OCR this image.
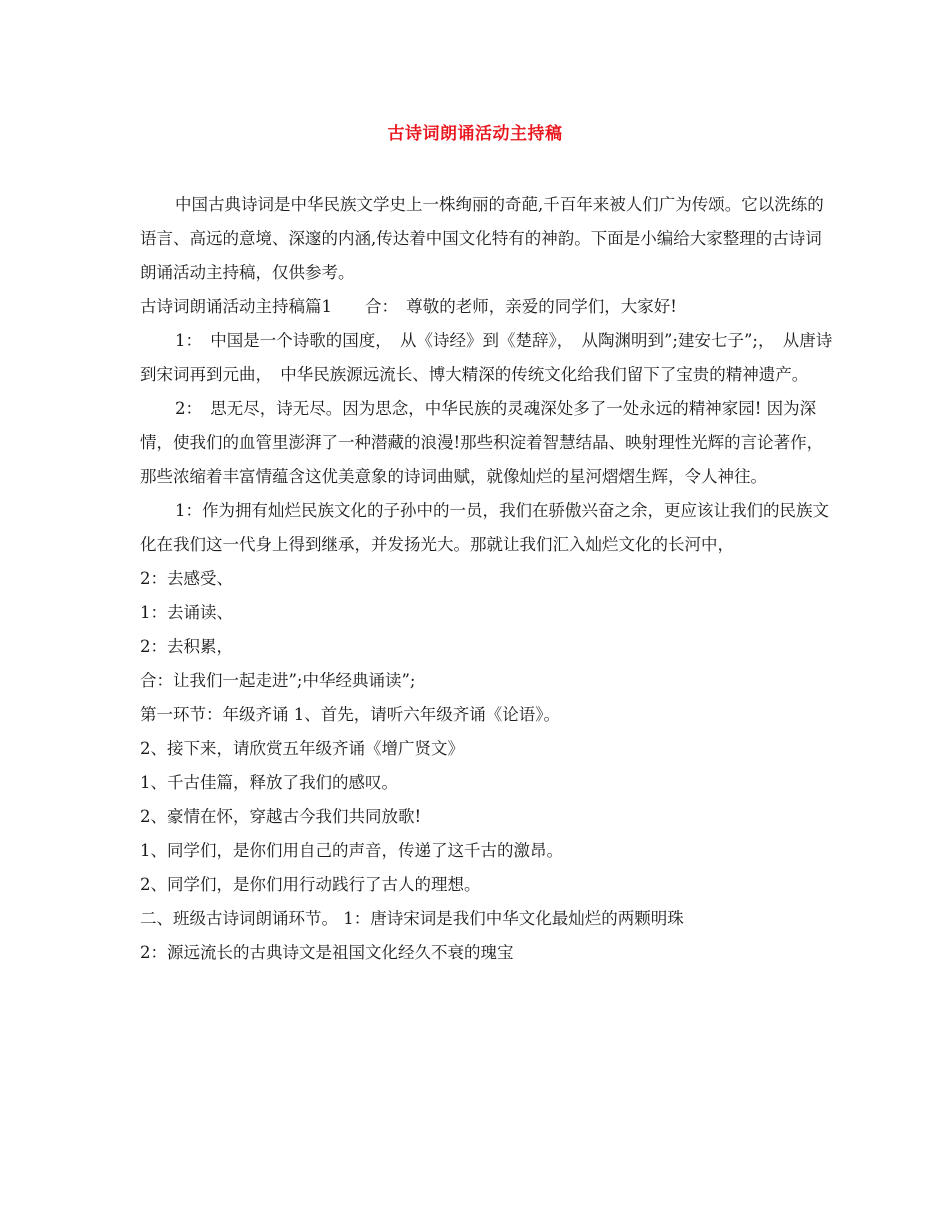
古诗词朗诵活动主持稿

中国古典诗词是中华民族文学史上一株绚丽的奇葩,千百年来被人们广为传颂。它以洗练的语言、高远的意境、深邃的内涵,传达着中国文化特有的神韵。下面是小编给大家整理的古诗词朗诵活动主持稿，仅供参考。

古诗词朗诵活动主持稿篇1　　合：　尊敬的老师，亲爱的同学们，大家好!

1：　中国是一个诗歌的国度，　从《诗经》到《楚辞》，　从陶渊明到”;建安七子”;，　从唐诗到宋词再到元曲，　中华民族源远流长、博大精深的传统文化给我们留下了宝贵的精神遗产。

2：　思无尽，诗无尽。因为思念，中华民族的灵魂深处多了一处永远的精神家园! 因为深情，使我们的血管里澎湃了一种潜藏的浪漫!那些积淀着智慧结晶、映射理性光辉的言论著作，那些浓缩着丰富情蕴含这优美意象的诗词曲赋，就像灿烂的星河熠熠生辉，令人神往。

1：作为拥有灿烂民族文化的子孙中的一员，我们在骄傲兴奋之余，更应该让我们的民族文化在我们这一代身上得到继承，并发扬光大。那就让我们汇入灿烂文化的长河中，

2：去感受、

1：去诵读、

2：去积累，

合：让我们一起走进”;中华经典诵读”;

第一环节：年级齐诵 1、首先，请听六年级齐诵《论语》。

2、接下来，请欣赏五年级齐诵《增广贤文》

1、千古佳篇，释放了我们的感叹。

2、豪情在怀，穿越古今我们共同放歌!

1、同学们，是你们用自己的声音，传递了这千古的激昂。

2、同学们，是你们用行动践行了古人的理想。

二、班级古诗词朗诵环节。 1：唐诗宋词是我们中华文化最灿烂的两颗明珠

2：源远流长的古典诗文是祖国文化经久不衰的瑰宝
